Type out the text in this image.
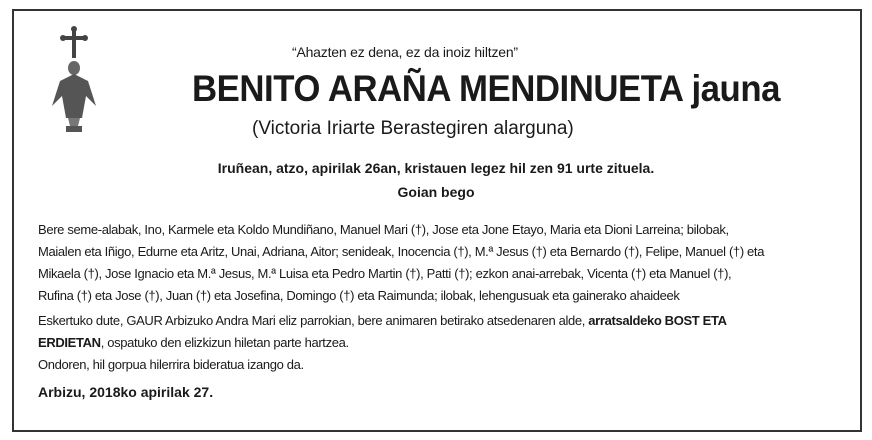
“Ahazten ez dena, ez da inoiz hiltzen”
BENITO ARAÑA MENDINUETA jauna
(Victoria Iriarte Berastegiren alarguna)
Iruñean, atzo, apirilak 26an, kristauen legez hil zen 91 urte zituela.
Goian bego
Bere seme-alabak, Ino, Karmele eta Koldo Mundiñano, Manuel Mari (†), Jose eta Jone Etayo, Maria eta Dioni Larreina; bilobak,
Maialen eta Iñigo, Edurne eta Aritz, Unai, Adriana, Aitor; senideak, Inocencia (†), M.ª Jesus (†) eta Bernardo (†), Felipe, Manuel (†) eta
Mikaela (†), Jose Ignacio eta M.ª Jesus, M.ª Luisa eta Pedro Martin (†), Patti (†); ezkon anai-arrebak, Vicenta (†) eta Manuel (†),
Rufina (†) eta Jose (†), Juan (†) eta Josefina, Domingo (†) eta Raimunda; ilobak, lehengusuak eta gainerako ahaideek
Eskertuko dute, GAUR Arbizuko Andra Mari eliz parrokian, bere animaren betirako atsedenaren alde, arratsaldeko BOST ETA
ERDIETAN, ospatuko den elizkizun hiletan parte hartzea.
Ondoren, hil gorpua hilerrira bideratua izango da.
Arbizu, 2018ko apirilak 27.
